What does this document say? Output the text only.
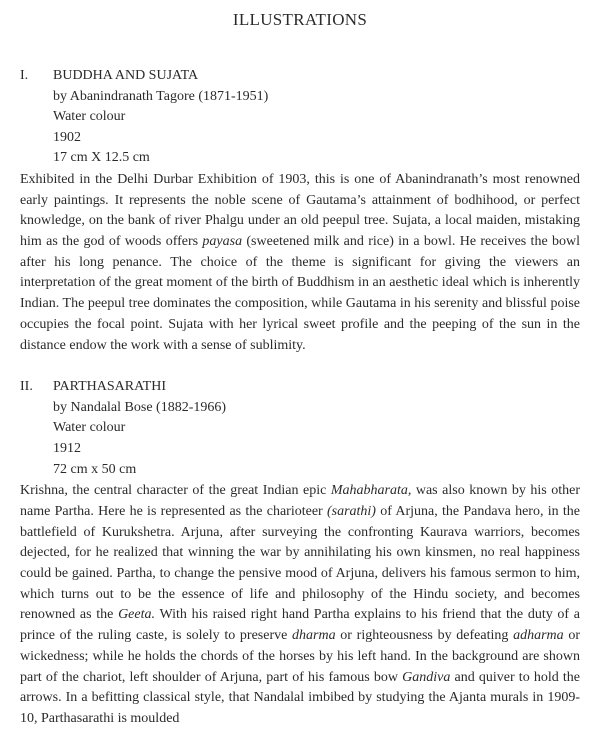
ILLUSTRATIONS
I. BUDDHA AND SUJATA
by Abanindranath Tagore (1871-1951)
Water colour
1902
17 cm X 12.5 cm

Exhibited in the Delhi Durbar Exhibition of 1903, this is one of Abanindranath’s most renowned early paintings. It represents the noble scene of Gautama’s attainment of bodhihood, or perfect knowledge, on the bank of river Phalgu under an old peepul tree. Sujata, a local maiden, mistaking him as the god of woods offers payasa (sweetened milk and rice) in a bowl. He receives the bowl after his long penance. The choice of the theme is significant for giving the viewers an interpretation of the great moment of the birth of Buddhism in an aesthetic ideal which is inherently Indian. The peepul tree dominates the composition, while Gautama in his serenity and blissful poise occupies the focal point. Sujata with her lyrical sweet profile and the peeping of the sun in the distance endow the work with a sense of sublimity.

II. PARTHASARATHI
by Nandalal Bose (1882-1966)
Water colour
1912
72 cm x 50 cm

Krishna, the central character of the great Indian epic Mahabharata, was also known by his other name Partha. Here he is represented as the charioteer (sarathi) of Arjuna, the Pandava hero, in the battlefield of Kurukshetra. Arjuna, after surveying the confronting Kaurava warriors, becomes dejected, for he realized that winning the war by annihilating his own kinsmen, no real happiness could be gained. Partha, to change the pensive mood of Arjuna, delivers his famous sermon to him, which turns out to be the essence of life and philosophy of the Hindu society, and becomes renowned as the Geeta. With his raised right hand Partha explains to his friend that the duty of a prince of the ruling caste, is solely to preserve dharma or righteousness by defeating adharma or wickedness; while he holds the chords of the horses by his left hand. In the background are shown part of the chariot, left shoulder of Arjuna, part of his famous bow Gandiva and quiver to hold the arrows. In a befitting classical style, that Nandalal imbibed by studying the Ajanta murals in 1909-10, Parthasarathi is moulded
